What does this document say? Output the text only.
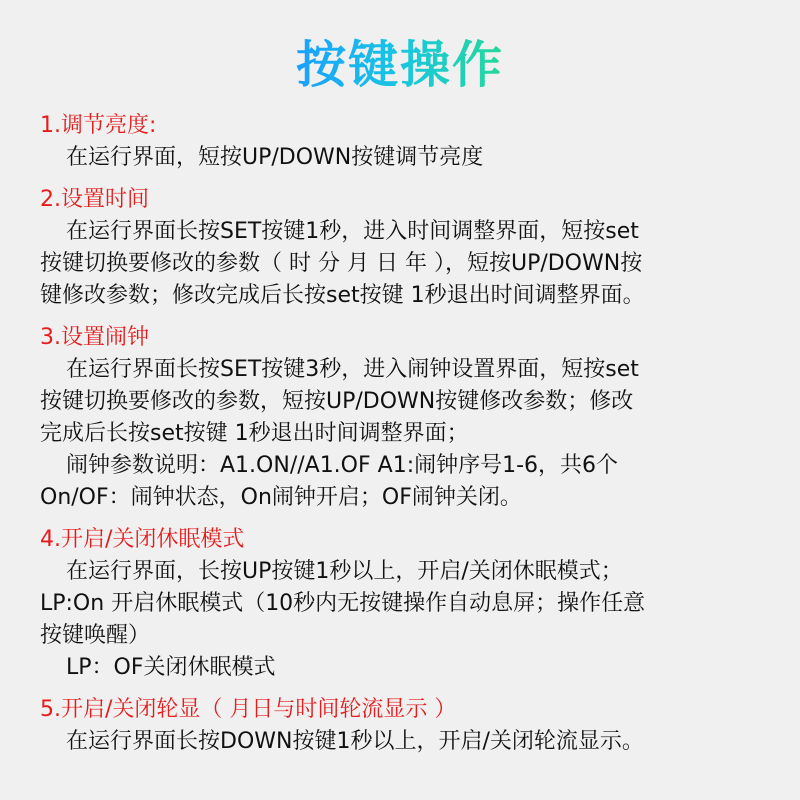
按键操作
1.调节亮度:
在运行界面，短按UP/DOWN按键调节亮度
2.设置时间
在运行界面长按SET按键1秒，进入时间调整界面，短按set
按键切换要修改的参数（ 时 分 月 日 年 ），短按UP/DOWN按
键修改参数；修改完成后长按set按键 1秒退出时间调整界面。
3.设置闹钟
在运行界面长按SET按键3秒，进入闹钟设置界面，短按set
按键切换要修改的参数，短按UP/DOWN按键修改参数；修改
完成后长按set按键 1秒退出时间调整界面；
闹钟参数说明：A1.ON//A1.OF A1:闹钟序号1-6，共6个
On/OF：闹钟状态，On闹钟开启；OF闹钟关闭。
4.开启/关闭休眠模式
在运行界面，长按UP按键1秒以上，开启/关闭休眠模式；
LP:On 开启休眠模式（10秒内无按键操作自动息屏；操作任意
按键唤醒）
LP：OF关闭休眠模式
5.开启/关闭轮显（ 月日与时间轮流显示 ）
在运行界面长按DOWN按键1秒以上，开启/关闭轮流显示。
